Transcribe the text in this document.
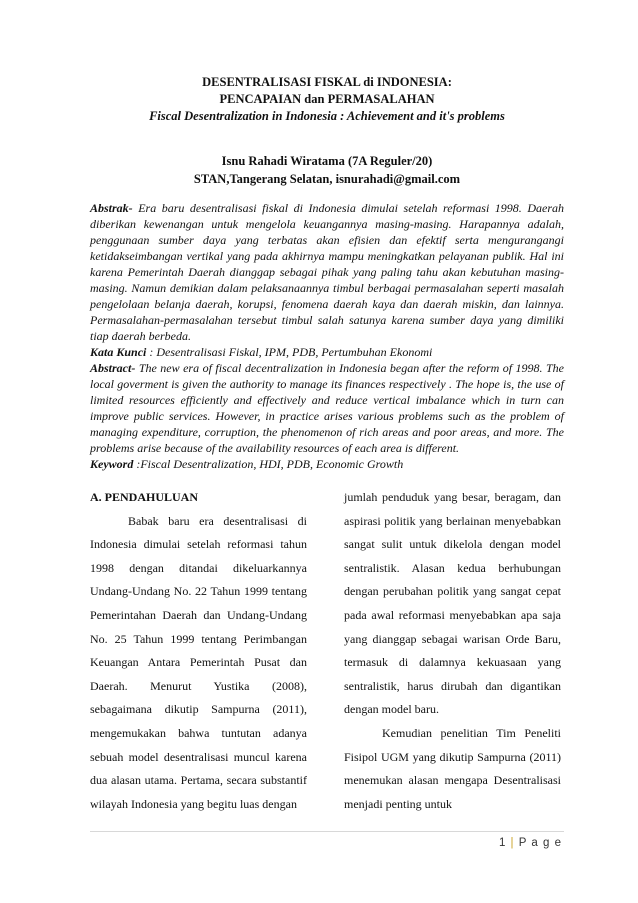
DESENTRALISASI FISKAL di INDONESIA:
PENCAPAIAN dan PERMASALAHAN
Fiscal Desentralization in Indonesia : Achievement and it's problems
Isnu Rahadi Wiratama (7A Reguler/20)
STAN,Tangerang Selatan, isnurahadi@gmail.com

Abstrak- Era baru desentralisasi fiskal di Indonesia dimulai setelah reformasi 1998. Daerah diberikan kewenangan untuk mengelola keuangannya masing-masing. Harapannya adalah, penggunaan sumber daya yang terbatas akan efisien dan efektif serta mengurangangi ketidakseimbangan vertikal yang pada akhirnya mampu meningkatkan pelayanan publik. Hal ini karena Pemerintah Daerah dianggap sebagai pihak yang paling tahu akan kebutuhan masing-masing. Namun demikian dalam pelaksanaannya timbul berbagai permasalahan seperti masalah pengelolaan belanja daerah, korupsi, fenomena daerah kaya dan daerah miskin, dan lainnya. Permasalahan-permasalahan tersebut timbul salah satunya karena sumber daya yang dimiliki tiap daerah berbeda.

Kata Kunci : Desentralisasi Fiskal, IPM, PDB, Pertumbuhan Ekonomi

Abstract- The new era of fiscal decentralization in Indonesia began after the reform of 1998. The local goverment is given the authority to manage its finances respectively . The hope is, the use of limited resources efficiently and effectively and reduce vertical imbalance which in turn can improve public services. However, in practice arises various problems such as the problem of managing expenditure, corruption, the phenomenon of rich areas and poor areas, and more. The problems arise because of the availability resources of each area is different.

Keyword :Fiscal Desentralization, HDI, PDB, Economic Growth

A. PENDAHULUAN

Babak baru era desentralisasi di Indonesia dimulai setelah reformasi tahun 1998 dengan ditandai dikeluarkannya Undang-Undang No. 22 Tahun 1999 tentang Pemerintahan Daerah dan Undang-Undang No. 25 Tahun 1999 tentang Perimbangan Keuangan Antara Pemerintah Pusat dan Daerah. Menurut Yustika (2008), sebagaimana dikutip Sampurna (2011), mengemukakan bahwa tuntutan adanya sebuah model desentralisasi muncul karena dua alasan utama. Pertama, secara substantif wilayah Indonesia yang begitu luas dengan

jumlah penduduk yang besar, beragam, dan aspirasi politik yang berlainan menyebabkan sangat sulit untuk dikelola dengan model sentralistik. Alasan kedua berhubungan dengan perubahan politik yang sangat cepat pada awal reformasi menyebabkan apa saja yang dianggap sebagai warisan Orde Baru, termasuk di dalamnya kekuasaan yang sentralistik, harus dirubah dan digantikan dengan model baru.

Kemudian penelitian Tim Peneliti Fisipol UGM yang dikutip Sampurna (2011) menemukan alasan mengapa Desentralisasi menjadi penting untuk

1 | P a g e
